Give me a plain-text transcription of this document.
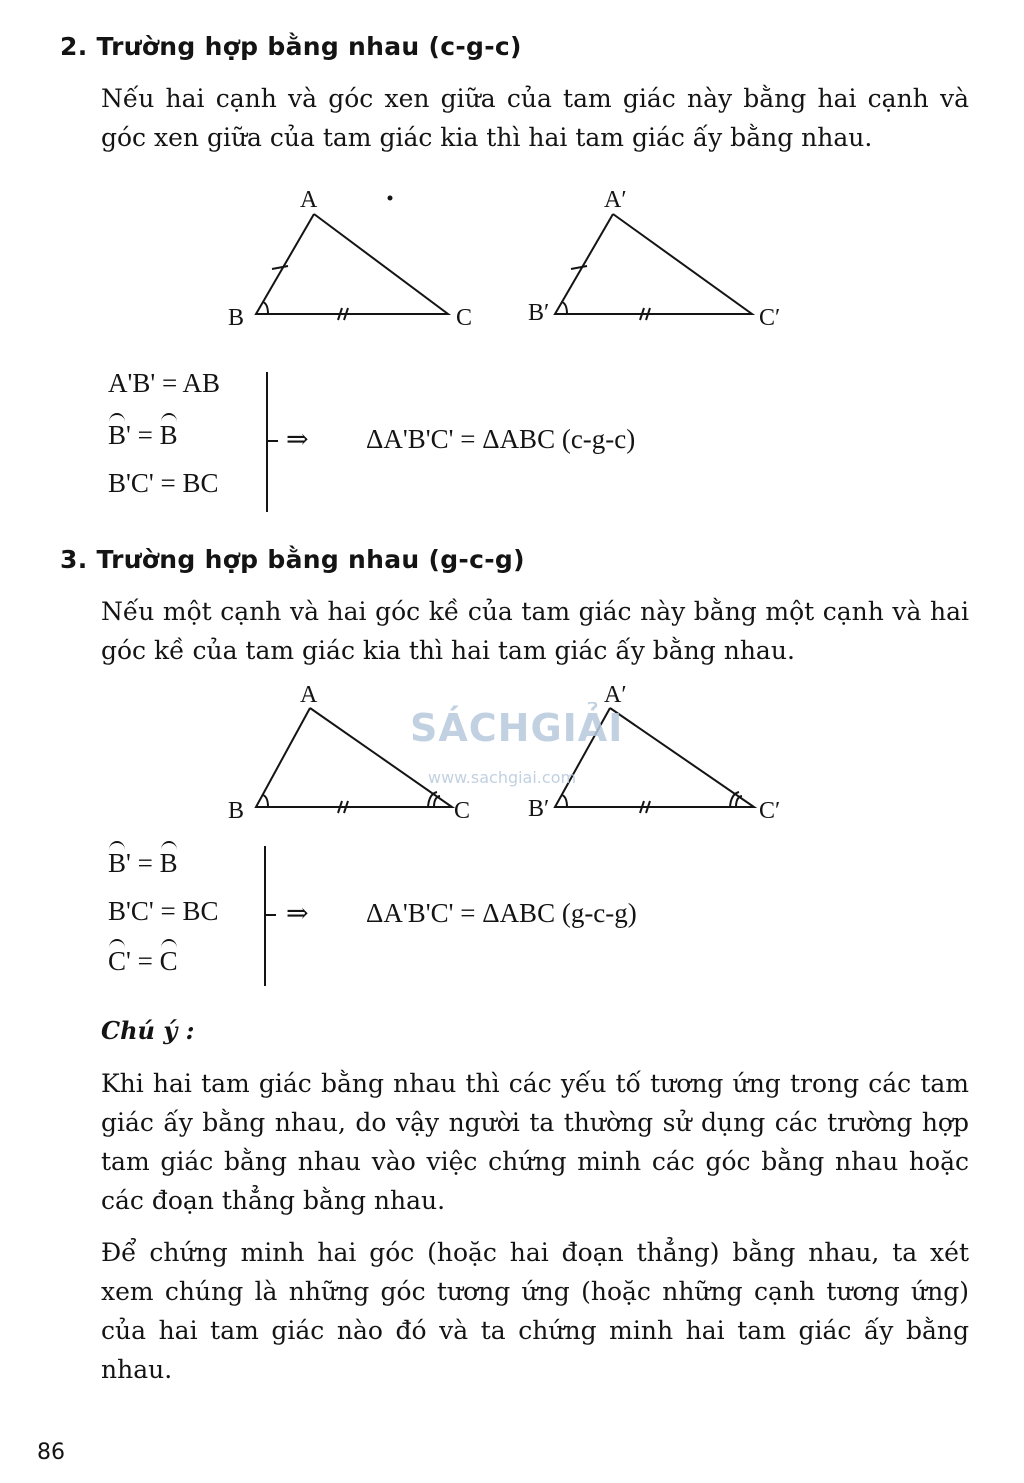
2. Trường hợp bằng nhau (c-g-c)

Nếu hai cạnh và góc xen giữa của tam giác này bằng hai cạnh và góc xen giữa của tam giác kia thì hai tam giác ấy bằng nhau.

A
B	C
A′
B′	C′
A'B' = AB
B' = B
B'C' = BC
⇒ ΔA'B'C' = ΔABC (c-g-c)
3. Trường hợp bằng nhau (g-c-g)

Nếu một cạnh và hai góc kề của tam giác này bằng một cạnh và hai góc kề của tam giác kia thì hai tam giác ấy bằng nhau.

A
B	C
A′
B′	C′
SÁCHGIẢI
www.sachgiai.com
B' = B
B'C' = BC
C' = C
⇒ ΔA'B'C' = ΔABC (g-c-g)
Chú ý :

Khi hai tam giác bằng nhau thì các yếu tố tương ứng trong các tam giác ấy bằng nhau, do vậy người ta thường sử dụng các trường hợp tam giác bằng nhau vào việc chứng minh các góc bằng nhau hoặc các đoạn thẳng bằng nhau.

Để chứng minh hai góc (hoặc hai đoạn thẳng) bằng nhau, ta xét xem chúng là những góc tương ứng (hoặc những cạnh tương ứng) của hai tam giác nào đó và ta chứng minh hai tam giác ấy bằng nhau.

86
